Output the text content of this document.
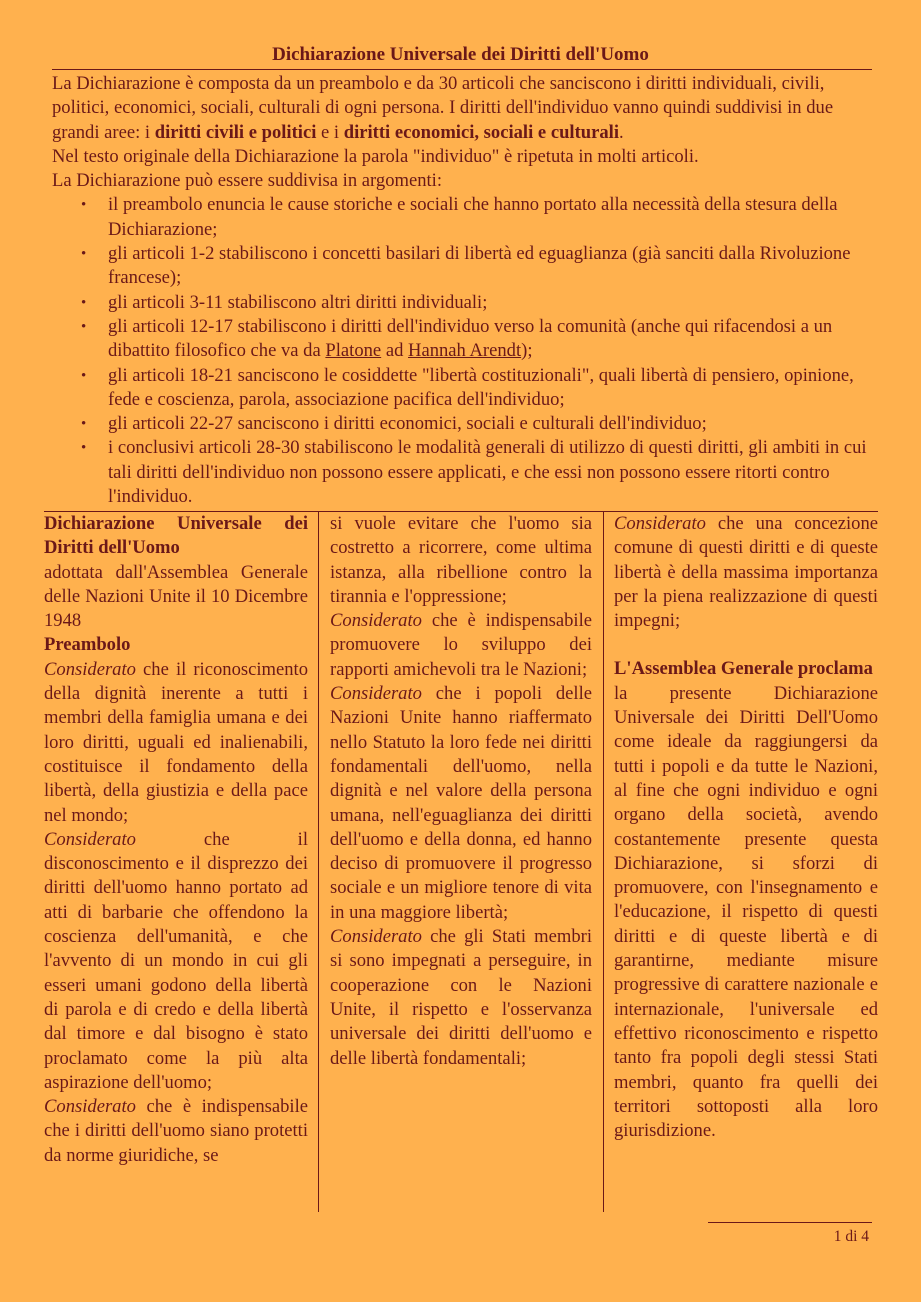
Dichiarazione Universale dei Diritti dell'Uomo

La Dichiarazione è composta da un preambolo e da 30 articoli che sanciscono i diritti individuali, civili, politici, economici, sociali, culturali di ogni persona. I diritti dell'individuo vanno quindi suddivisi in due grandi aree: i diritti civili e politici e i diritti economici, sociali e culturali.

Nel testo originale della Dichiarazione la parola "individuo" è ripetuta in molti articoli.

La Dichiarazione può essere suddivisa in argomenti:

• il preambolo enuncia le cause storiche e sociali che hanno portato alla necessità della stesura della Dichiarazione;
• gli articoli 1-2 stabiliscono i concetti basilari di libertà ed eguaglianza (già sanciti dalla Rivoluzione francese);
• gli articoli 3-11 stabiliscono altri diritti individuali;
• gli articoli 12-17 stabiliscono i diritti dell'individuo verso la comunità (anche qui rifacendosi a un dibattito filosofico che va da Platone ad Hannah Arendt);
• gli articoli 18-21 sanciscono le cosiddette "libertà costituzionali", quali libertà di pensiero, opinione, fede e coscienza, parola, associazione pacifica dell'individuo;
• gli articoli 22-27 sanciscono i diritti economici, sociali e culturali dell'individuo;
• i conclusivi articoli 28-30 stabiliscono le modalità generali di utilizzo di questi diritti, gli ambiti in cui tali diritti dell'individuo non possono essere applicati, e che essi non possono essere ritorti contro l'individuo.

Dichiarazione Universale dei Diritti dell'Uomo

adottata dall'Assemblea Generale delle Nazioni Unite il 10 Dicembre 1948

Preambolo

Considerato che il riconoscimento della dignità inerente a tutti i membri della famiglia umana e dei loro diritti, uguali ed inalienabili, costituisce il fondamento della libertà, della giustizia e della pace nel mondo;

Considerato che il disconoscimento e il disprezzo dei diritti dell'uomo hanno portato ad atti di barbarie che offendono la coscienza dell'umanità, e che l'avvento di un mondo in cui gli esseri umani godono della libertà di parola e di credo e della libertà dal timore e dal bisogno è stato proclamato come la più alta aspirazione dell'uomo;

Considerato che è indispensabile che i diritti dell'uomo siano protetti da norme giuridiche, se

si vuole evitare che l'uomo sia costretto a ricorrere, come ultima istanza, alla ribellione contro la tirannia e l'oppressione;

Considerato che è indispensabile promuovere lo sviluppo dei rapporti amichevoli tra le Nazioni;

Considerato che i popoli delle Nazioni Unite hanno riaffermato nello Statuto la loro fede nei diritti fondamentali dell'uomo, nella dignità e nel valore della persona umana, nell'eguaglianza dei diritti dell'uomo e della donna, ed hanno deciso di promuovere il progresso sociale e un migliore tenore di vita in una maggiore libertà;

Considerato che gli Stati membri si sono impegnati a perseguire, in cooperazione con le Nazioni Unite, il rispetto e l'osservanza universale dei diritti dell'uomo e delle libertà fondamentali;

Considerato che una concezione comune di questi diritti e di queste libertà è della massima importanza per la piena realizzazione di questi impegni;

L'Assemblea Generale proclama

la presente Dichiarazione Universale dei Diritti Dell'Uomo come ideale da raggiungersi da tutti i popoli e da tutte le Nazioni, al fine che ogni individuo e ogni organo della società, avendo costantemente presente questa Dichiarazione, si sforzi di promuovere, con l'insegnamento e l'educazione, il rispetto di questi diritti e di queste libertà e di garantirne, mediante misure progressive di carattere nazionale e internazionale, l'universale ed effettivo riconoscimento e rispetto tanto fra popoli degli stessi Stati membri, quanto fra quelli dei territori sottoposti alla loro giurisdizione.

1 di 4
